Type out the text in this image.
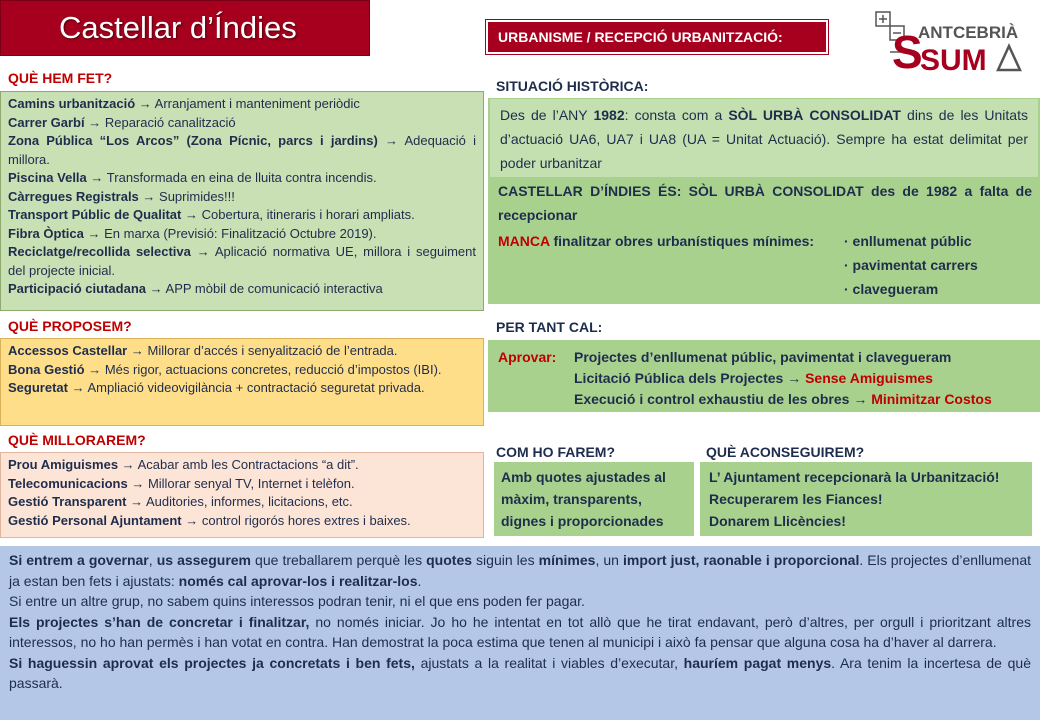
Castellar d’Índies	URBANISME / RECEPCIÓ URBANITZACIÓ:	S
ANTCEBRIÀ
SUM
QUÈ HEM FET?
Camins urbanització → Arranjament i manteniment periòdic
Carrer Garbí → Reparació canalització
Zona Pública “Los Arcos” (Zona Pícnic, parcs i jardins) → Adequació i millora.
Piscina Vella → Transformada en eina de lluita contra incendis.
Càrregues Registrals → Suprimides!!!
Transport Públic de Qualitat → Cobertura, itineraris i horari ampliats.
Fibra Òptica → En marxa (Previsió: Finalització Octubre 2019).
Reciclatge/recollida selectiva → Aplicació normativa UE, millora i seguiment del projecte inicial.
Participació ciutadana → APP mòbil de comunicació interactiva
QUÈ PROPOSEM?
Accessos Castellar → Millorar d’accés i senyalització de l’entrada.
Bona Gestió → Més rigor, actuacions concretes, reducció d’impostos (IBI).
Seguretat → Ampliació videovigilància + contractació seguretat privada.
QUÈ MILLORAREM?
Prou Amiguismes → Acabar amb les Contractacions “a dit”.
Telecomunicacions → Millorar senyal TV, Internet i telèfon.
Gestió Transparent → Auditories, informes, licitacions, etc.
Gestió Personal Ajuntament → control rigorós hores extres i baixes.
SITUACIÓ HISTÒRICA:
Des de l’ANY 1982: consta com a SÒL URBÀ CONSOLIDAT dins de les Unitats d’actuació UA6, UA7 i UA8 (UA = Unitat Actuació). Sempre ha estat delimitat per poder urbanitzar
CASTELLAR D’ÍNDIES ÉS: SÒL URBÀ CONSOLIDAT des de 1982 a falta de recepcionar
MANCA finalitzar obres urbanístiques mínimes: · enllumenat públic
· pavimentat carrers
· clavegueram
PER TANT CAL:
Aprovar: Projectes d’enllumenat públic, pavimentat i clavegueram
Licitació Pública dels Projectes → Sense Amiguismes
Execució i control exhaustiu de les obres → Minimitzar Costos
COM HO FAREM?
Amb quotes ajustades al màxim, transparents, dignes i proporcionades
QUÈ ACONSEGUIREM?
L’ Ajuntament recepcionarà la Urbanització!
Recuperarem les Fiances!
Donarem Llicències!

Si entrem a governar, us assegurem que treballarem perquè les quotes siguin les mínimes, un import just, raonable i proporcional. Els projectes d’enllumenat ja estan ben fets i ajustats: només cal aprovar-los i realitzar-los.

Si entre un altre grup, no sabem quins interessos podran tenir, ni el que ens poden fer pagar.

Els projectes s’han de concretar i finalitzar, no només iniciar. Jo ho he intentat en tot allò que he tirat endavant, però d’altres, per orgull i prioritzant altres interessos, no ho han permès i han votat en contra. Han demostrat la poca estima que tenen al municipi i això fa pensar que alguna cosa ha d’haver al darrera.

Si haguessin aprovat els projectes ja concretats i ben fets, ajustats a la realitat i viables d’executar, hauríem pagat menys. Ara tenim la incertesa de què passarà.
